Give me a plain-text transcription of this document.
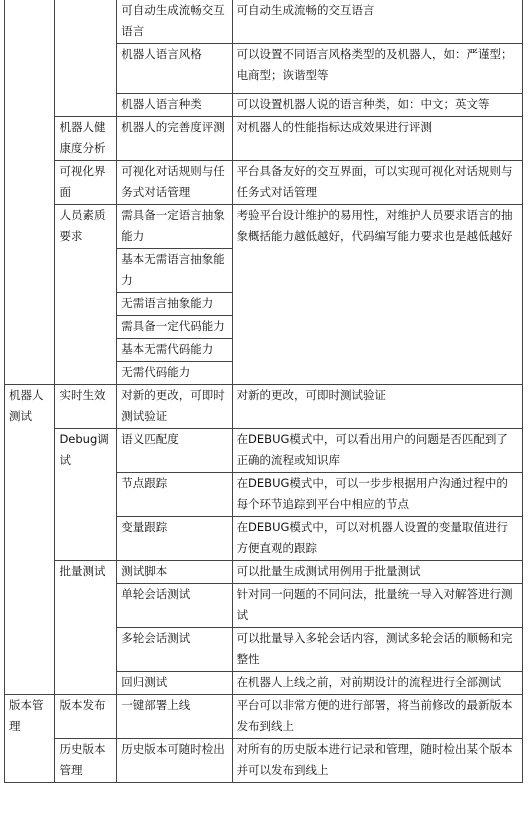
		可自动生成流畅交互语言	可自动生成流畅的交互语言
		机器人语言风格	可以设置不同语言风格类型的及机器人，如：严谨型；电商型；诙谐型等
		机器人语言种类	可以设置机器人说的语言种类，如：中文；英文等
	机器人健康度分析	机器人的完善度评测	对机器人的性能指标达成效果进行评测
	可视化界面	可视化对话规则与任务式对话管理	平台具备友好的交互界面，可以实现可视化对话规则与任务式对话管理
	人员素质要求	需具备一定语言抽象能力	考验平台设计维护的易用性，对维护人员要求语言的抽象概括能力越低越好，代码编写能力要求也是越低越好
		基本无需语言抽象能力	
		无需语言抽象能力	
		需具备一定代码能力	
		基本无需代码能力	
		无需代码能力	
机器人测试	实时生效	对新的更改，可即时测试验证	对新的更改，可即时测试验证
	Debug调试	语义匹配度	在DEBUG模式中，可以看出用户的问题是否匹配到了正确的流程或知识库
		节点跟踪	在DEBUG模式中，可以一步步根据用户沟通过程中的每个环节追踪到平台中相应的节点
		变量跟踪	在DEBUG模式中，可以对机器人设置的变量取值进行方便直观的跟踪
	批量测试	测试脚本	可以批量生成测试用例用于批量测试
		单轮会话测试	针对同一问题的不同问法，批量统一导入对解答进行测试
		多轮会话测试	可以批量导入多轮会话内容，测试多轮会话的顺畅和完整性
		回归测试	在机器人上线之前，对前期设计的流程进行全部测试
版本管理	版本发布	一键部署上线	平台可以非常方便的进行部署，将当前修改的最新版本发布到线上
	历史版本管理	历史版本可随时检出	对所有的历史版本进行记录和管理，随时检出某个版本并可以发布到线上
